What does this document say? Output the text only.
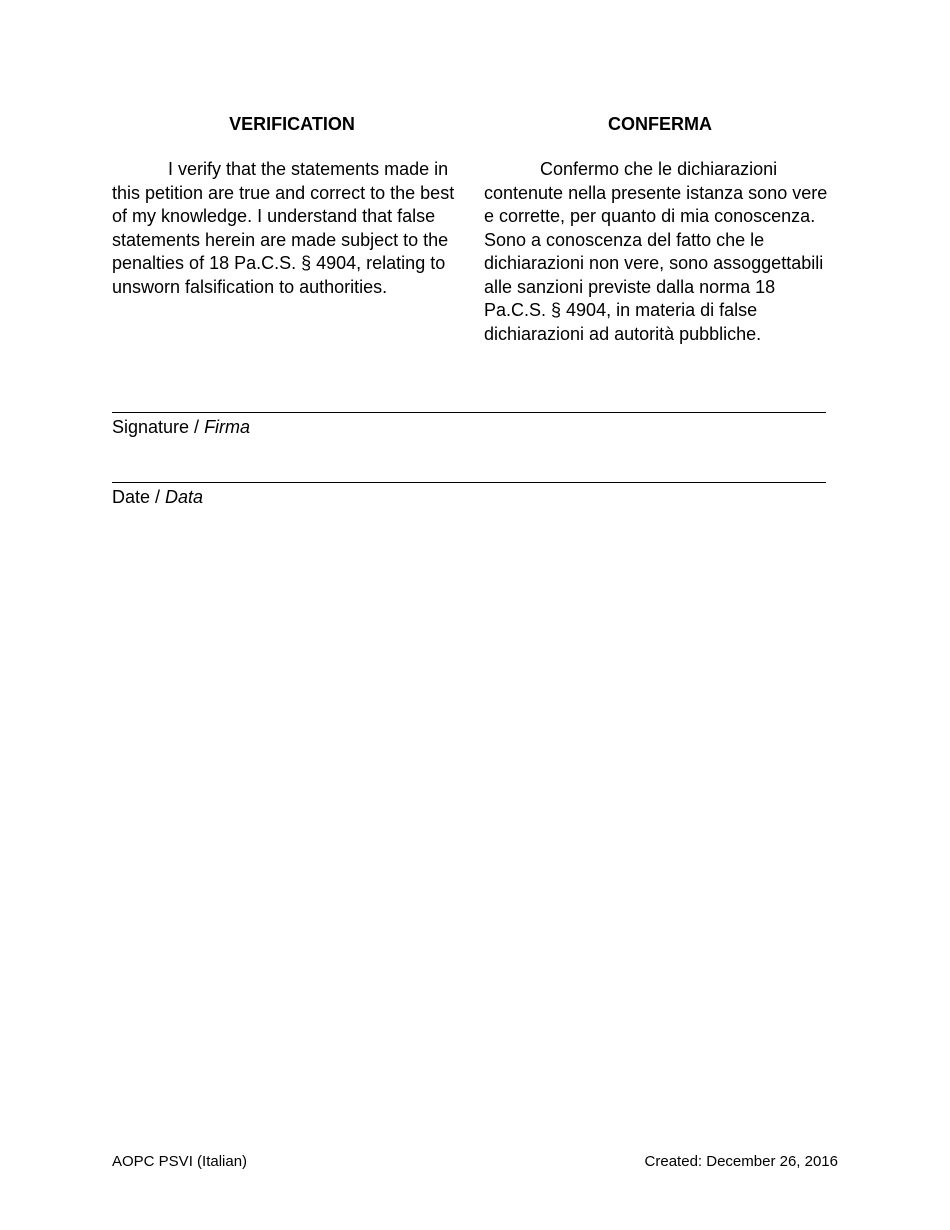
VERIFICATION

I verify that the statements made in this petition are true and correct to the best of my knowledge. I understand that false statements herein are made subject to the penalties of 18 Pa.C.S. § 4904, relating to unsworn falsification to authorities.

CONFERMA

Confermo che le dichiarazioni contenute nella presente istanza sono vere e corrette, per quanto di mia conoscenza. Sono a conoscenza del fatto che le dichiarazioni non vere, sono assoggettabili alle sanzioni previste dalla norma 18 Pa.C.S. § 4904, in materia di false dichiarazioni ad autorità pubbliche.

Signature / Firma
Date / Data
AOPC PSVI (Italian)	Created: December 26, 2016
